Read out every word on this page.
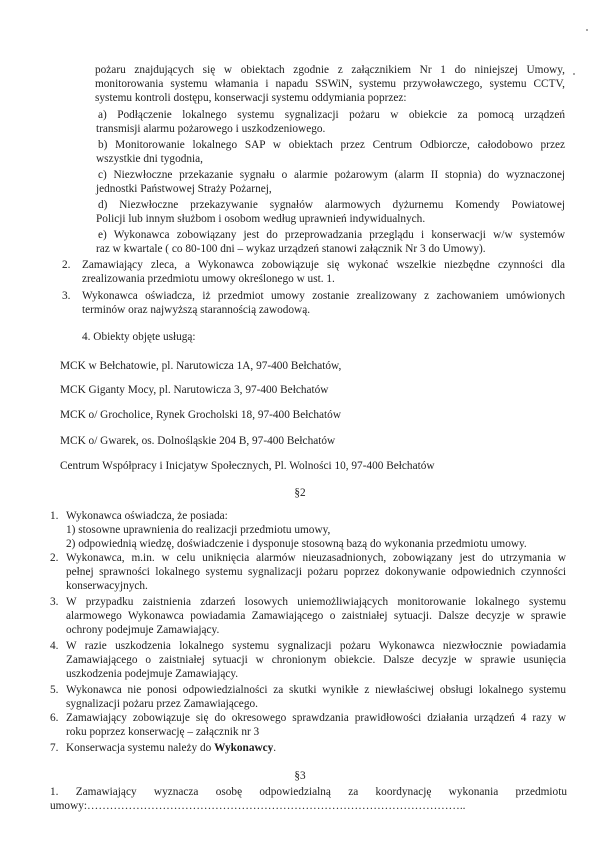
pożaru znajdujących się w obiektach zgodnie z załącznikiem Nr 1 do niniejszej Umowy,
monitorowania systemu włamania i napadu SSWiN, systemu przywoławczego, systemu CCTV,
systemu kontroli dostępu, konserwacji systemu oddymiania poprzez:
a) Podłączenie lokalnego systemu sygnalizacji pożaru w obiekcie za pomocą urządzeń
transmisji alarmu pożarowego i uszkodzeniowego.
b) Monitorowanie lokalnego SAP w obiektach przez Centrum Odbiorcze, całodobowo przez
wszystkie dni tygodnia,
c) Niezwłoczne przekazanie sygnału o alarmie pożarowym (alarm II stopnia) do wyznaczonej
jednostki Państwowej Straży Pożarnej,
d) Niezwłoczne przekazywanie sygnałów alarmowych dyżurnemu Komendy Powiatowej
Policji lub innym służbom i osobom według uprawnień indywidualnych.
e) Wykonawca zobowiązany jest do przeprowadzania przeglądu i konserwacji w/w systemów
raz w kwartale ( co 80-100 dni – wykaz urządzeń stanowi załącznik Nr 3 do Umowy).
2. Zamawiający zleca, a Wykonawca zobowiązuje się wykonać wszelkie niezbędne czynności dla
zrealizowania przedmiotu umowy określonego w ust. 1.
3. Wykonawca oświadcza, iż przedmiot umowy zostanie zrealizowany z zachowaniem umówionych
terminów oraz najwyższą starannością zawodową.
4. Obiekty objęte usługą:
MCK w Bełchatowie, pl. Narutowicza 1A, 97-400 Bełchatów,
MCK Giganty Mocy, pl. Narutowicza 3, 97-400 Bełchatów
MCK o/ Grocholice, Rynek Grocholski 18, 97-400 Bełchatów
MCK o/ Gwarek, os. Dolnośląskie 204 B, 97-400 Bełchatów
Centrum Współpracy i Inicjatyw Społecznych, Pl. Wolności 10, 97-400 Bełchatów
§2
1. Wykonawca oświadcza, że posiada:
1) stosowne uprawnienia do realizacji przedmiotu umowy,
2) odpowiednią wiedzę, doświadczenie i dysponuje stosowną bazą do wykonania przedmiotu umowy.
2. Wykonawca, m.in. w celu uniknięcia alarmów nieuzasadnionych, zobowiązany jest do utrzymania w
pełnej sprawności lokalnego systemu sygnalizacji pożaru poprzez dokonywanie odpowiednich czynności
konserwacyjnych.
3. W przypadku zaistnienia zdarzeń losowych uniemożliwiających monitorowanie lokalnego systemu
alarmowego Wykonawca powiadamia Zamawiającego o zaistniałej sytuacji. Dalsze decyzje w sprawie
ochrony podejmuje Zamawiający.
4. W razie uszkodzenia lokalnego systemu sygnalizacji pożaru Wykonawca niezwłocznie powiadamia
Zamawiającego o zaistniałej sytuacji w chronionym obiekcie. Dalsze decyzje w sprawie usunięcia
uszkodzenia podejmuje Zamawiający.
5. Wykonawca nie ponosi odpowiedzialności za skutki wynikłe z niewłaściwej obsługi lokalnego systemu
sygnalizacji pożaru przez Zamawiającego.
6. Zamawiający zobowiązuje się do okresowego sprawdzania prawidłowości działania urządzeń 4 razy w
roku poprzez konserwację – załącznik nr 3
7. Konserwacja systemu należy do Wykonawcy.
§3
1. Zamawiający wyznacza osobę odpowiedzialną za koordynację wykonania przedmiotu
umowy:………………………………………………………………………………………..
